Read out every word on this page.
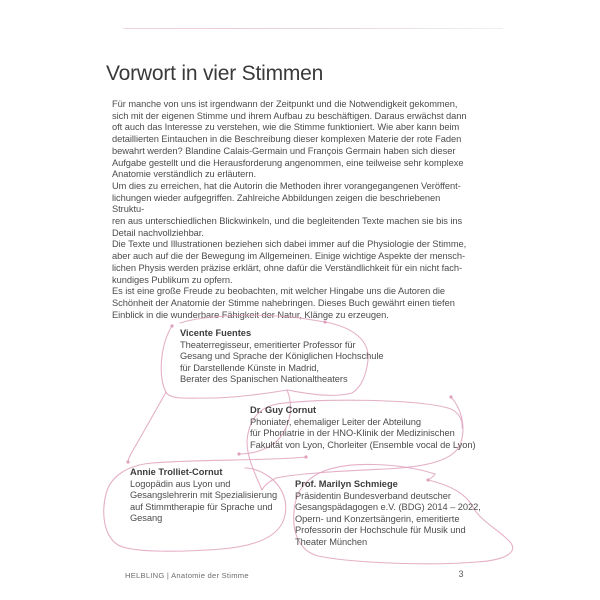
Vorwort in vier Stimmen
Für manche von uns ist irgendwann der Zeitpunkt und die Notwendigkeit gekommen,
sich mit der eigenen Stimme und ihrem Aufbau zu beschäftigen. Daraus erwächst dann
oft auch das Interesse zu verstehen, wie die Stimme funktioniert. Wie aber kann beim
detaillierten Eintauchen in die Beschreibung dieser komplexen Materie der rote Faden
bewahrt werden? Blandine Calais-Germain und François Germain haben sich dieser
Aufgabe gestellt und die Herausforderung angenommen, eine teilweise sehr komplexe
Anatomie verständlich zu erläutern.
Um dies zu erreichen, hat die Autorin die Methoden ihrer vorangegangenen Veröffent-
lichungen wieder aufgegriffen. Zahlreiche Abbildungen zeigen die beschriebenen Struktu-
ren aus unterschiedlichen Blickwinkeln, und die begleitenden Texte machen sie bis ins
Detail nachvollziehbar.
Die Texte und Illustrationen beziehen sich dabei immer auf die Physiologie der Stimme,
aber auch auf die der Bewegung im Allgemeinen. Einige wichtige Aspekte der mensch-
lichen Physis werden präzise erklärt, ohne dafür die Verständlichkeit für ein nicht fach-
kundiges Publikum zu opfern.
Es ist eine große Freude zu beobachten, mit welcher Hingabe uns die Autoren die
Schönheit der Anatomie der Stimme nahebringen. Dieses Buch gewährt einen tiefen
Einblick in die wunderbare Fähigkeit der Natur, Klänge zu erzeugen.
Vicente Fuentes
Theaterregisseur, emeritierter Professor für
Gesang und Sprache der Königlichen Hochschule
für Darstellende Künste in Madrid,
Berater des Spanischen Nationaltheaters
Dr. Guy Cornut
Phoniater, ehemaliger Leiter der Abteilung
für Phoniatrie in der HNO-Klinik der Medizinischen
Fakultät von Lyon, Chorleiter (Ensemble vocal de Lyon)
Annie Trolliet-Cornut
Logopädin aus Lyon und
Gesangslehrerin mit Spezialisierung
auf Stimmtherapie für Sprache und
Gesang
Prof. Marilyn Schmiege
Präsidentin Bundesverband deutscher
Gesangspädagogen e.V. (BDG) 2014 – 2022,
Opern- und Konzertsängerin, emeritierte
Professorin der Hochschule für Musik und
Theater München
HELBLING | Anatomie der Stimme	3
